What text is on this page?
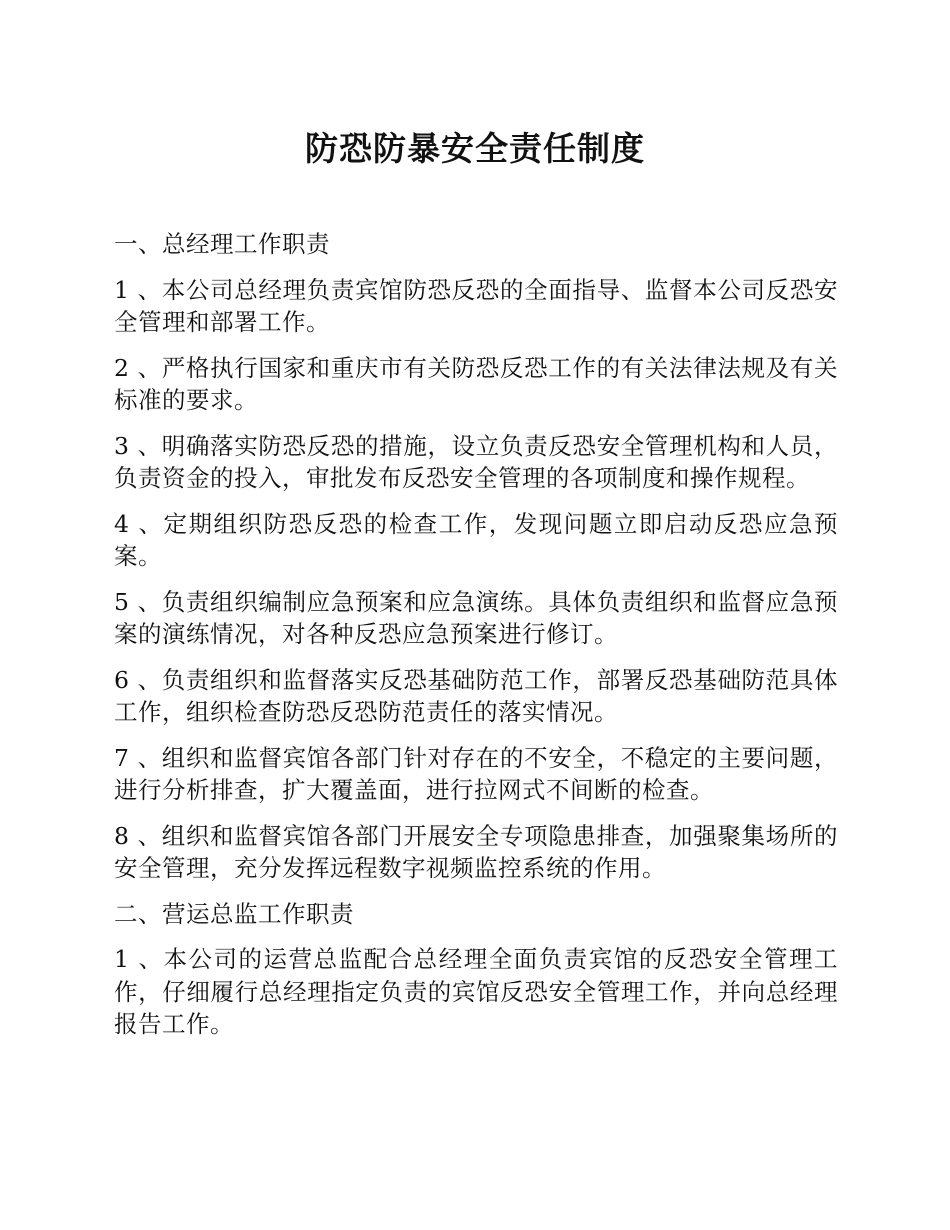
防恐防暴安全责任制度

一、总经理工作职责

1 、本公司总经理负责宾馆防恐反恐的全面指导、监督本公司反恐安全管理和部署工作。

2 、严格执行国家和重庆市有关防恐反恐工作的有关法律法规及有关标准的要求。

3 、明确落实防恐反恐的措施，设立负责反恐安全管理机构和人员，负责资金的投入，审批发布反恐安全管理的各项制度和操作规程。

4 、定期组织防恐反恐的检查工作，发现问题立即启动反恐应急预案。

5 、负责组织编制应急预案和应急演练。具体负责组织和监督应急预案的演练情况，对各种反恐应急预案进行修订。

6 、负责组织和监督落实反恐基础防范工作，部署反恐基础防范具体工作，组织检查防恐反恐防范责任的落实情况。

7 、组织和监督宾馆各部门针对存在的不安全，不稳定的主要问题，进行分析排查，扩大覆盖面，进行拉网式不间断的检查。

8 、组织和监督宾馆各部门开展安全专项隐患排查，加强聚集场所的安全管理，充分发挥远程数字视频监控系统的作用。

二、营运总监工作职责

1 、本公司的运营总监配合总经理全面负责宾馆的反恐安全管理工作，仔细履行总经理指定负责的宾馆反恐安全管理工作，并向总经理报告工作。
